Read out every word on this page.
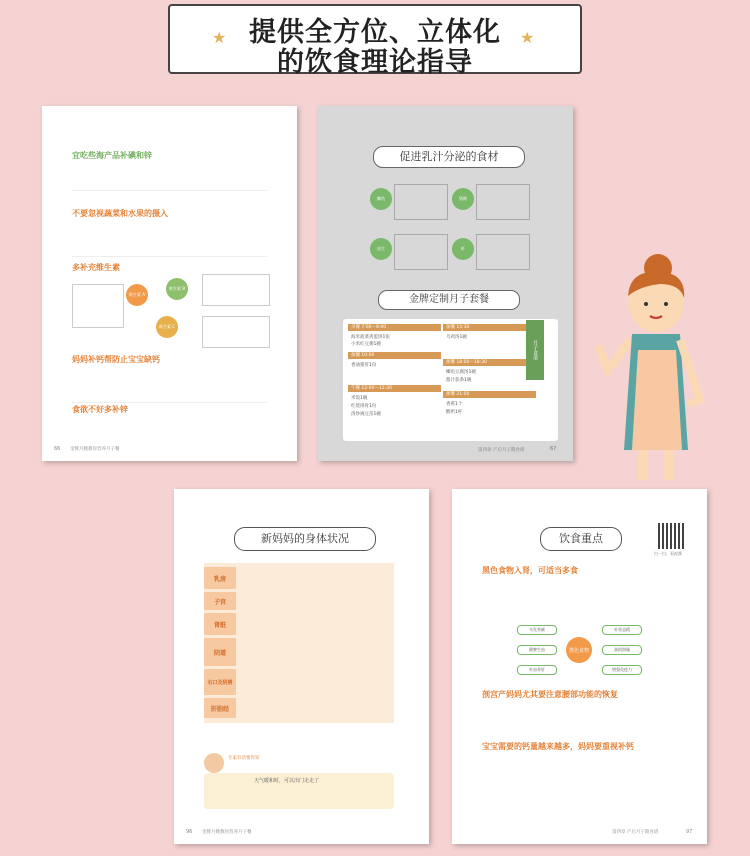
提供全方位、立体化
的饮食理论指导
★	★
宜吃些海产品补碘和锌
不要忽视蔬菜和水果的摄入
多补充维生素
维生素 A
维生素 B
维生素 C
妈妈补钙帮防止宝宝缺钙
食欲不好多补锌
66 金牌月嫂教你营养月子餐
促进乳汁分泌的食材
鲫鱼	猪蹄
花生	虾
金牌定制月子套餐
早餐 7:00～8:00
海米菠菜鸡蛋饼1张
小米红豆粥1碗
加餐 10:00
香油猪肝1份
午餐 12:00～12:30
米饭1碗
红烧排骨1份
清炒豌豆苗1碗
加餐 15:30
乌鸡汤1碗
加餐 18:00～18:30
鲫鱼豆腐汤1碗
酱汁茄条1碗
加餐 21:00
香蕉1个
酸奶1杯
月子食谱
第四章 产后月子期食谱	67
新妈妈的身体状况
乳房
子宫
肾脏
阴道
右口及阴唇
肝胆经
专家有话要你知
天气暖和时，可以出门走走了
96 金牌月嫂教你营养月子餐
饮食重点
扫一扫，看视频
黑色食物入肾，可适当多食
黑色食物
乌发养颜	补肾益精
健脾生血	滋阴润燥
补血养肝	增强免疫力
剖宫产妈妈尤其要注意腰部功能的恢复
宝宝需要的钙量越来越多，妈妈要重视补钙
第四章 产后月子期食谱	97
